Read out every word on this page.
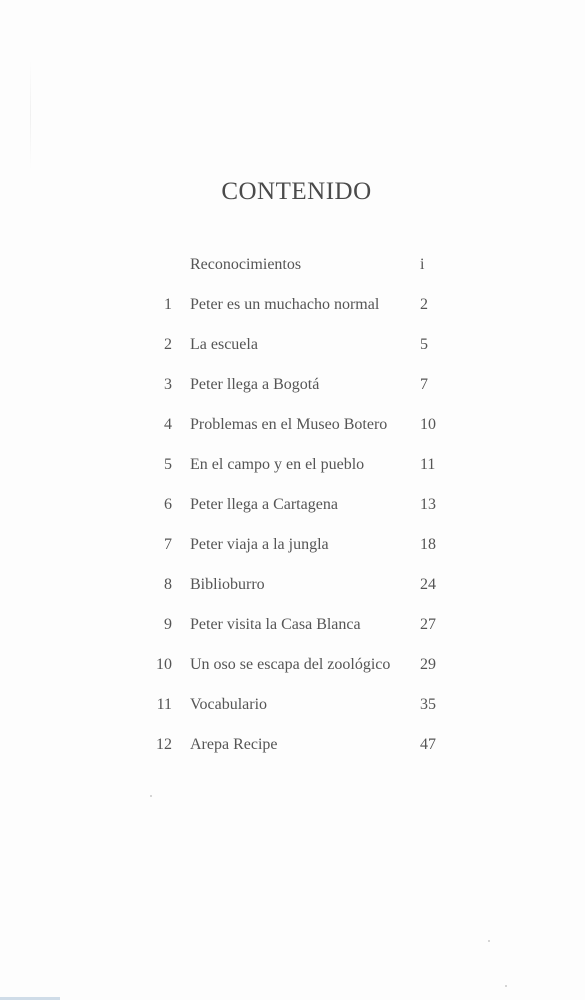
CONTENIDO
Reconocimientos	i
1 Peter es un muchacho normal	2
2 La escuela	5
3 Peter llega a Bogotá	7
4 Problemas en el Museo Botero 10
5 En el campo y en el pueblo	11
6 Peter llega a Cartagena	13
7 Peter viaja a la jungla	18
8 Biblioburro	24
9 Peter visita la Casa Blanca	27
10 Un oso se escapa del zoológico 29
11 Vocabulario	35
12 Arepa Recipe	47
